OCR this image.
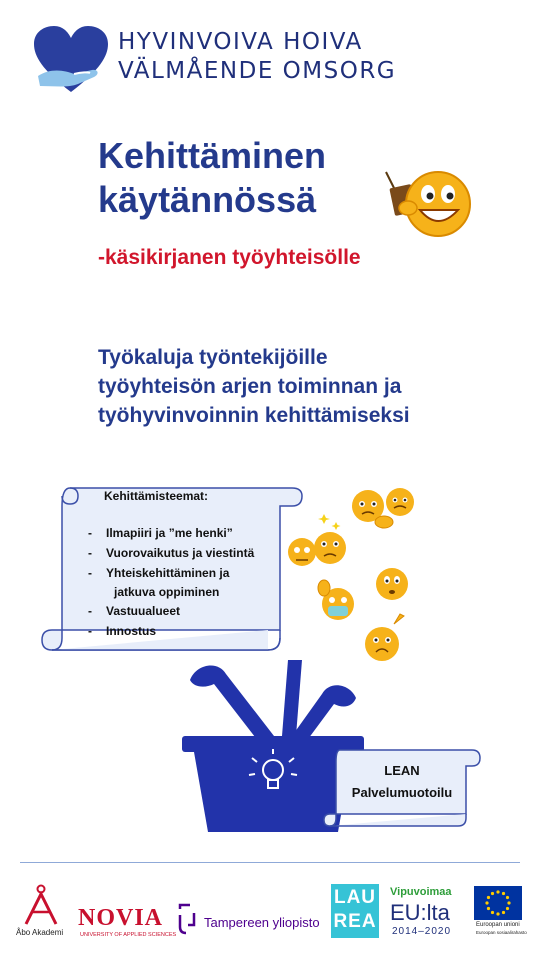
HYVINVOIVA HOIVA
VÄLMÅENDE OMSORG
Kehittäminen
käytännössä
-käsikirjanen työyhteisölle
Työkaluja työntekijöille
työyhteisön arjen toiminnan ja
työhyvinvoinnin kehittämiseksi
Kehittämisteemat:
- Ilmapiiri ja ”me henki”
- Vuorovaikutus ja viestintä
- Yhteiskehittäminen ja
jatkuva oppiminen
- Vastuualueet
- Innostus
LEAN
Palvelumuotoilu
Åbo Akademi
NOVIA
UNIVERSITY OF APPLIED SCIENCES
Tampereen yliopisto
LAU
REA
Vipuvoimaa
EU:lta
2014–2020
Euroopan unioni
Euroopan sosiaalirahasto
